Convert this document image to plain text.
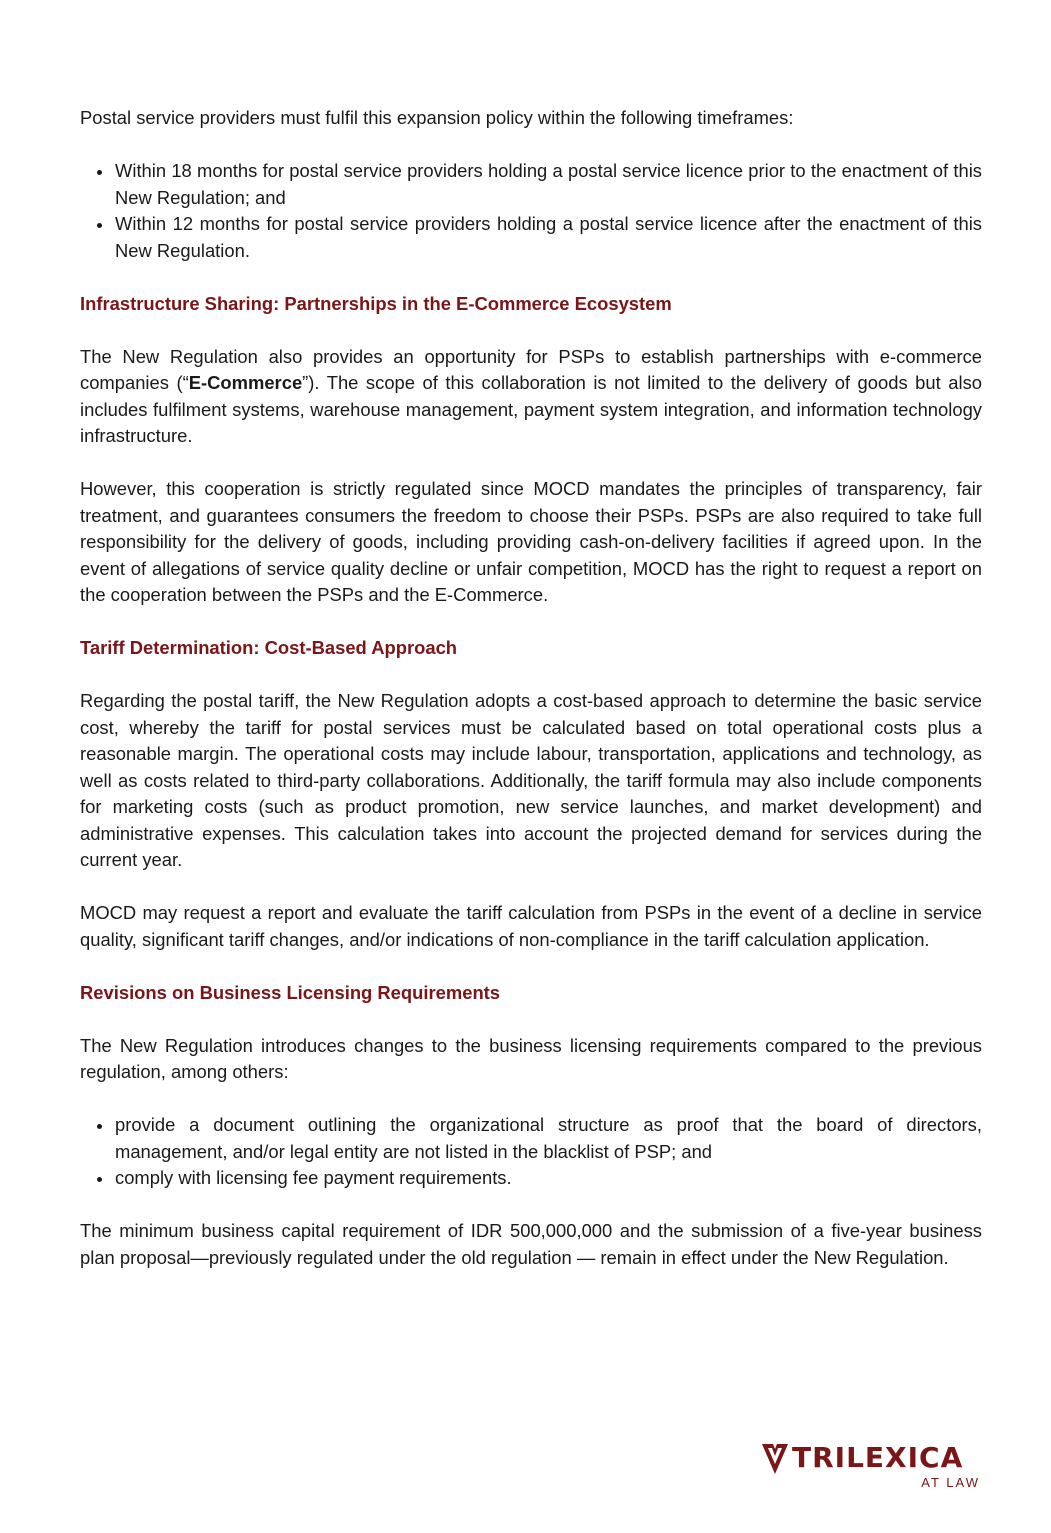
Postal service providers must fulfil this expansion policy within the following timeframes:

Within 18 months for postal service providers holding a postal service licence prior to the enactment of this New Regulation; and
Within 12 months for postal service providers holding a postal service licence after the enactment of this New Regulation.
Infrastructure Sharing: Partnerships in the E-Commerce Ecosystem

The New Regulation also provides an opportunity for PSPs to establish partnerships with e-commerce companies (“E-Commerce”). The scope of this collaboration is not limited to the delivery of goods but also includes fulfilment systems, warehouse management, payment system integration, and information technology infrastructure.

However, this cooperation is strictly regulated since MOCD mandates the principles of transparency, fair treatment, and guarantees consumers the freedom to choose their PSPs. PSPs are also required to take full responsibility for the delivery of goods, including providing cash-on-delivery facilities if agreed upon. In the event of allegations of service quality decline or unfair competition, MOCD has the right to request a report on the cooperation between the PSPs and the E-Commerce.

Tariff Determination: Cost-Based Approach

Regarding the postal tariff, the New Regulation adopts a cost-based approach to determine the basic service cost, whereby the tariff for postal services must be calculated based on total operational costs plus a reasonable margin. The operational costs may include labour, transportation, applications and technology, as well as costs related to third-party collaborations. Additionally, the tariff formula may also include components for marketing costs (such as product promotion, new service launches, and market development) and administrative expenses. This calculation takes into account the projected demand for services during the current year.

MOCD may request a report and evaluate the tariff calculation from PSPs in the event of a decline in service quality, significant tariff changes, and/or indications of non-compliance in the tariff calculation application.

Revisions on Business Licensing Requirements

The New Regulation introduces changes to the business licensing requirements compared to the previous regulation, among others:

provide a document outlining the organizational structure as proof that the board of directors, management, and/or legal entity are not listed in the blacklist of PSP; and
comply with licensing fee payment requirements.

The minimum business capital requirement of IDR 500,000,000 and the submission of a five-year business plan proposal—previously regulated under the old regulation — remain in effect under the New Regulation.

TRILEXICA
AT LAW
